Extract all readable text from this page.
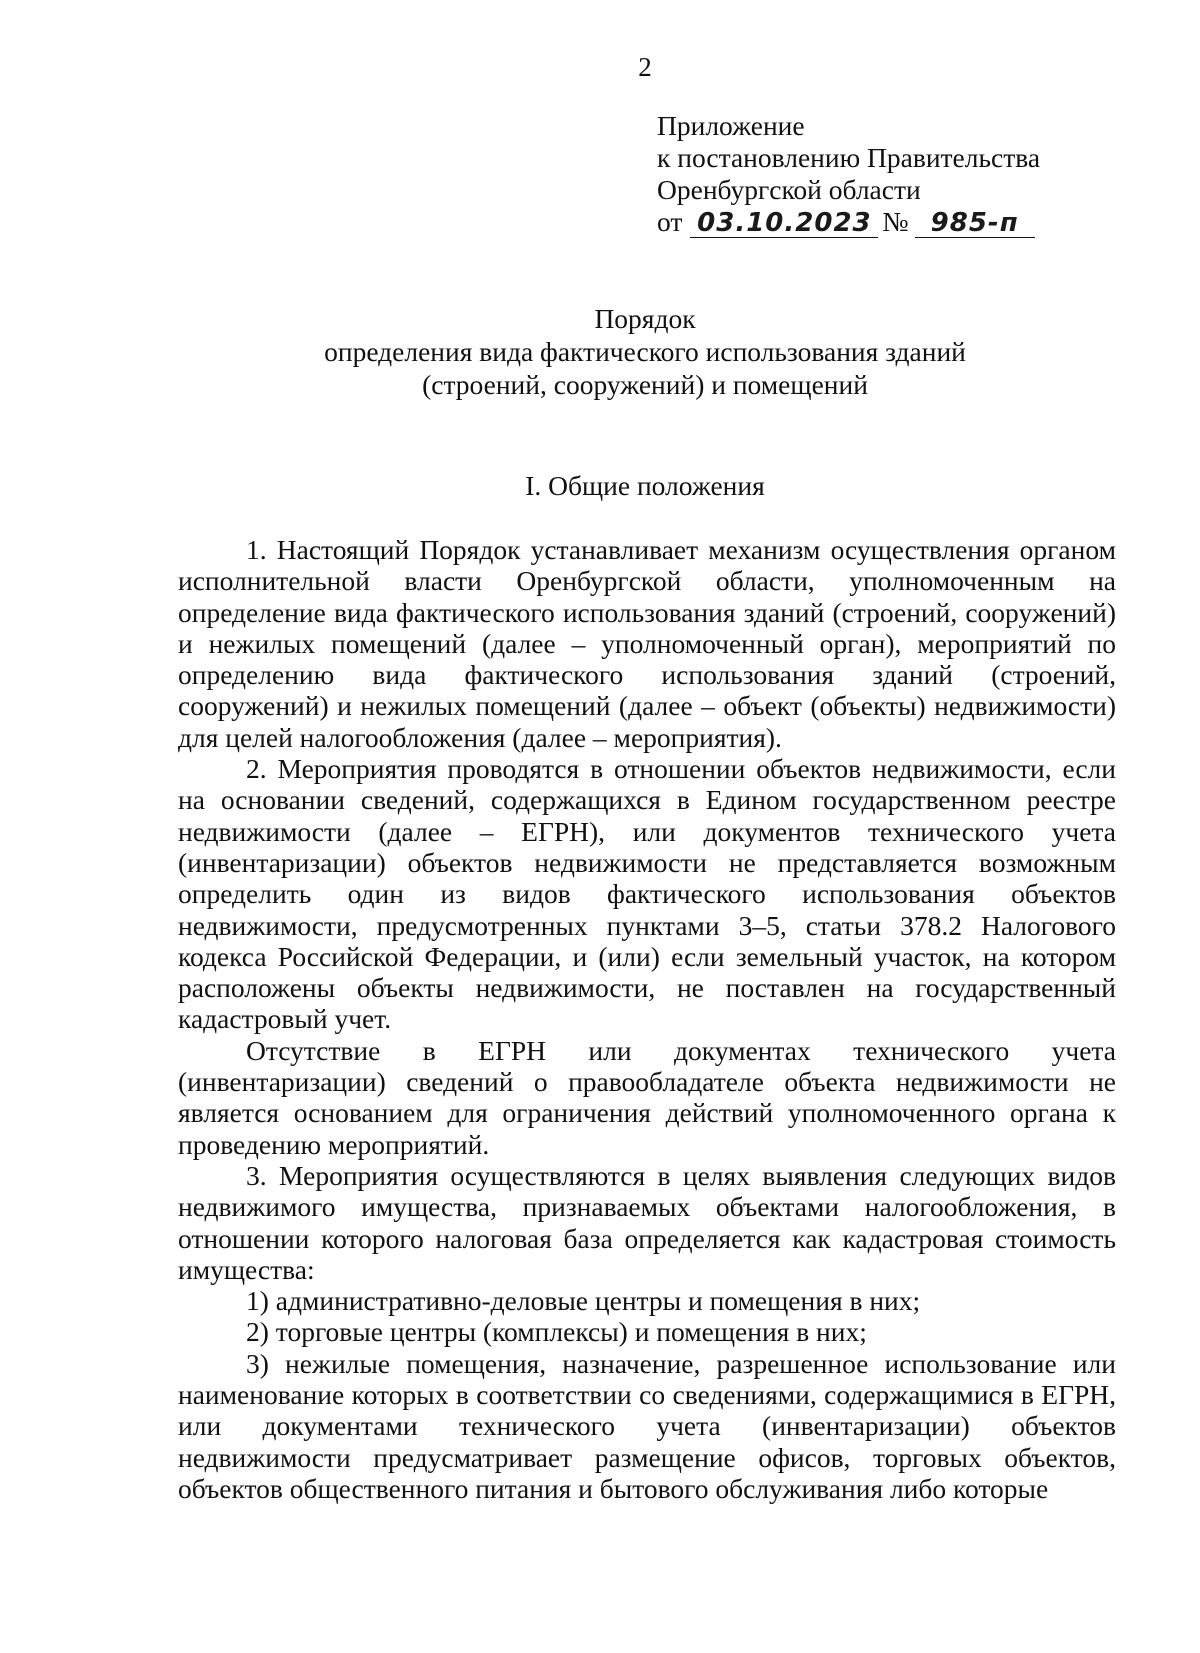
2
Приложение
к постановлению Правительства
Оренбургской области
от 03.10.2023 № 985-п
Порядок
определения вида фактического использования зданий
(строений, сооружений) и помещений
I. Общие положения

1. Настоящий Порядок устанавливает механизм осуществления органом исполнительной власти Оренбургской области, уполномоченным на определение вида фактического использования зданий (строений, сооружений) и нежилых помещений (далее – уполномоченный орган), мероприятий по определению вида фактического использования зданий (строений, сооружений) и нежилых помещений (далее – объект (объекты) недвижимости) для целей налогообложения (далее – мероприятия).

2. Мероприятия проводятся в отношении объектов недвижимости, если на основании сведений, содержащихся в Едином государственном реестре недвижимости (далее – ЕГРН), или документов технического учета (инвентаризации) объектов недвижимости не представляется возможным определить один из видов фактического использования объектов недвижимости, предусмотренных пунктами 3–5, статьи 378.2 Налогового кодекса Российской Федерации, и (или) если земельный участок, на котором расположены объекты недвижимости, не поставлен на государственный кадастровый учет.

Отсутствие в ЕГРН или документах технического учета (инвентаризации) сведений о правообладателе объекта недвижимости не является основанием для ограничения действий уполномоченного органа к проведению мероприятий.

3. Мероприятия осуществляются в целях выявления следующих видов недвижимого имущества, признаваемых объектами налогообложения, в отношении которого налоговая база определяется как кадастровая стоимость имущества:

1) административно-деловые центры и помещения в них;

2) торговые центры (комплексы) и помещения в них;

3) нежилые помещения, назначение, разрешенное использование или наименование которых в соответствии со сведениями, содержащимися в ЕГРН, или документами технического учета (инвентаризации) объектов недвижимости предусматривает размещение офисов, торговых объектов, объектов общественного питания и бытового обслуживания либо которые
